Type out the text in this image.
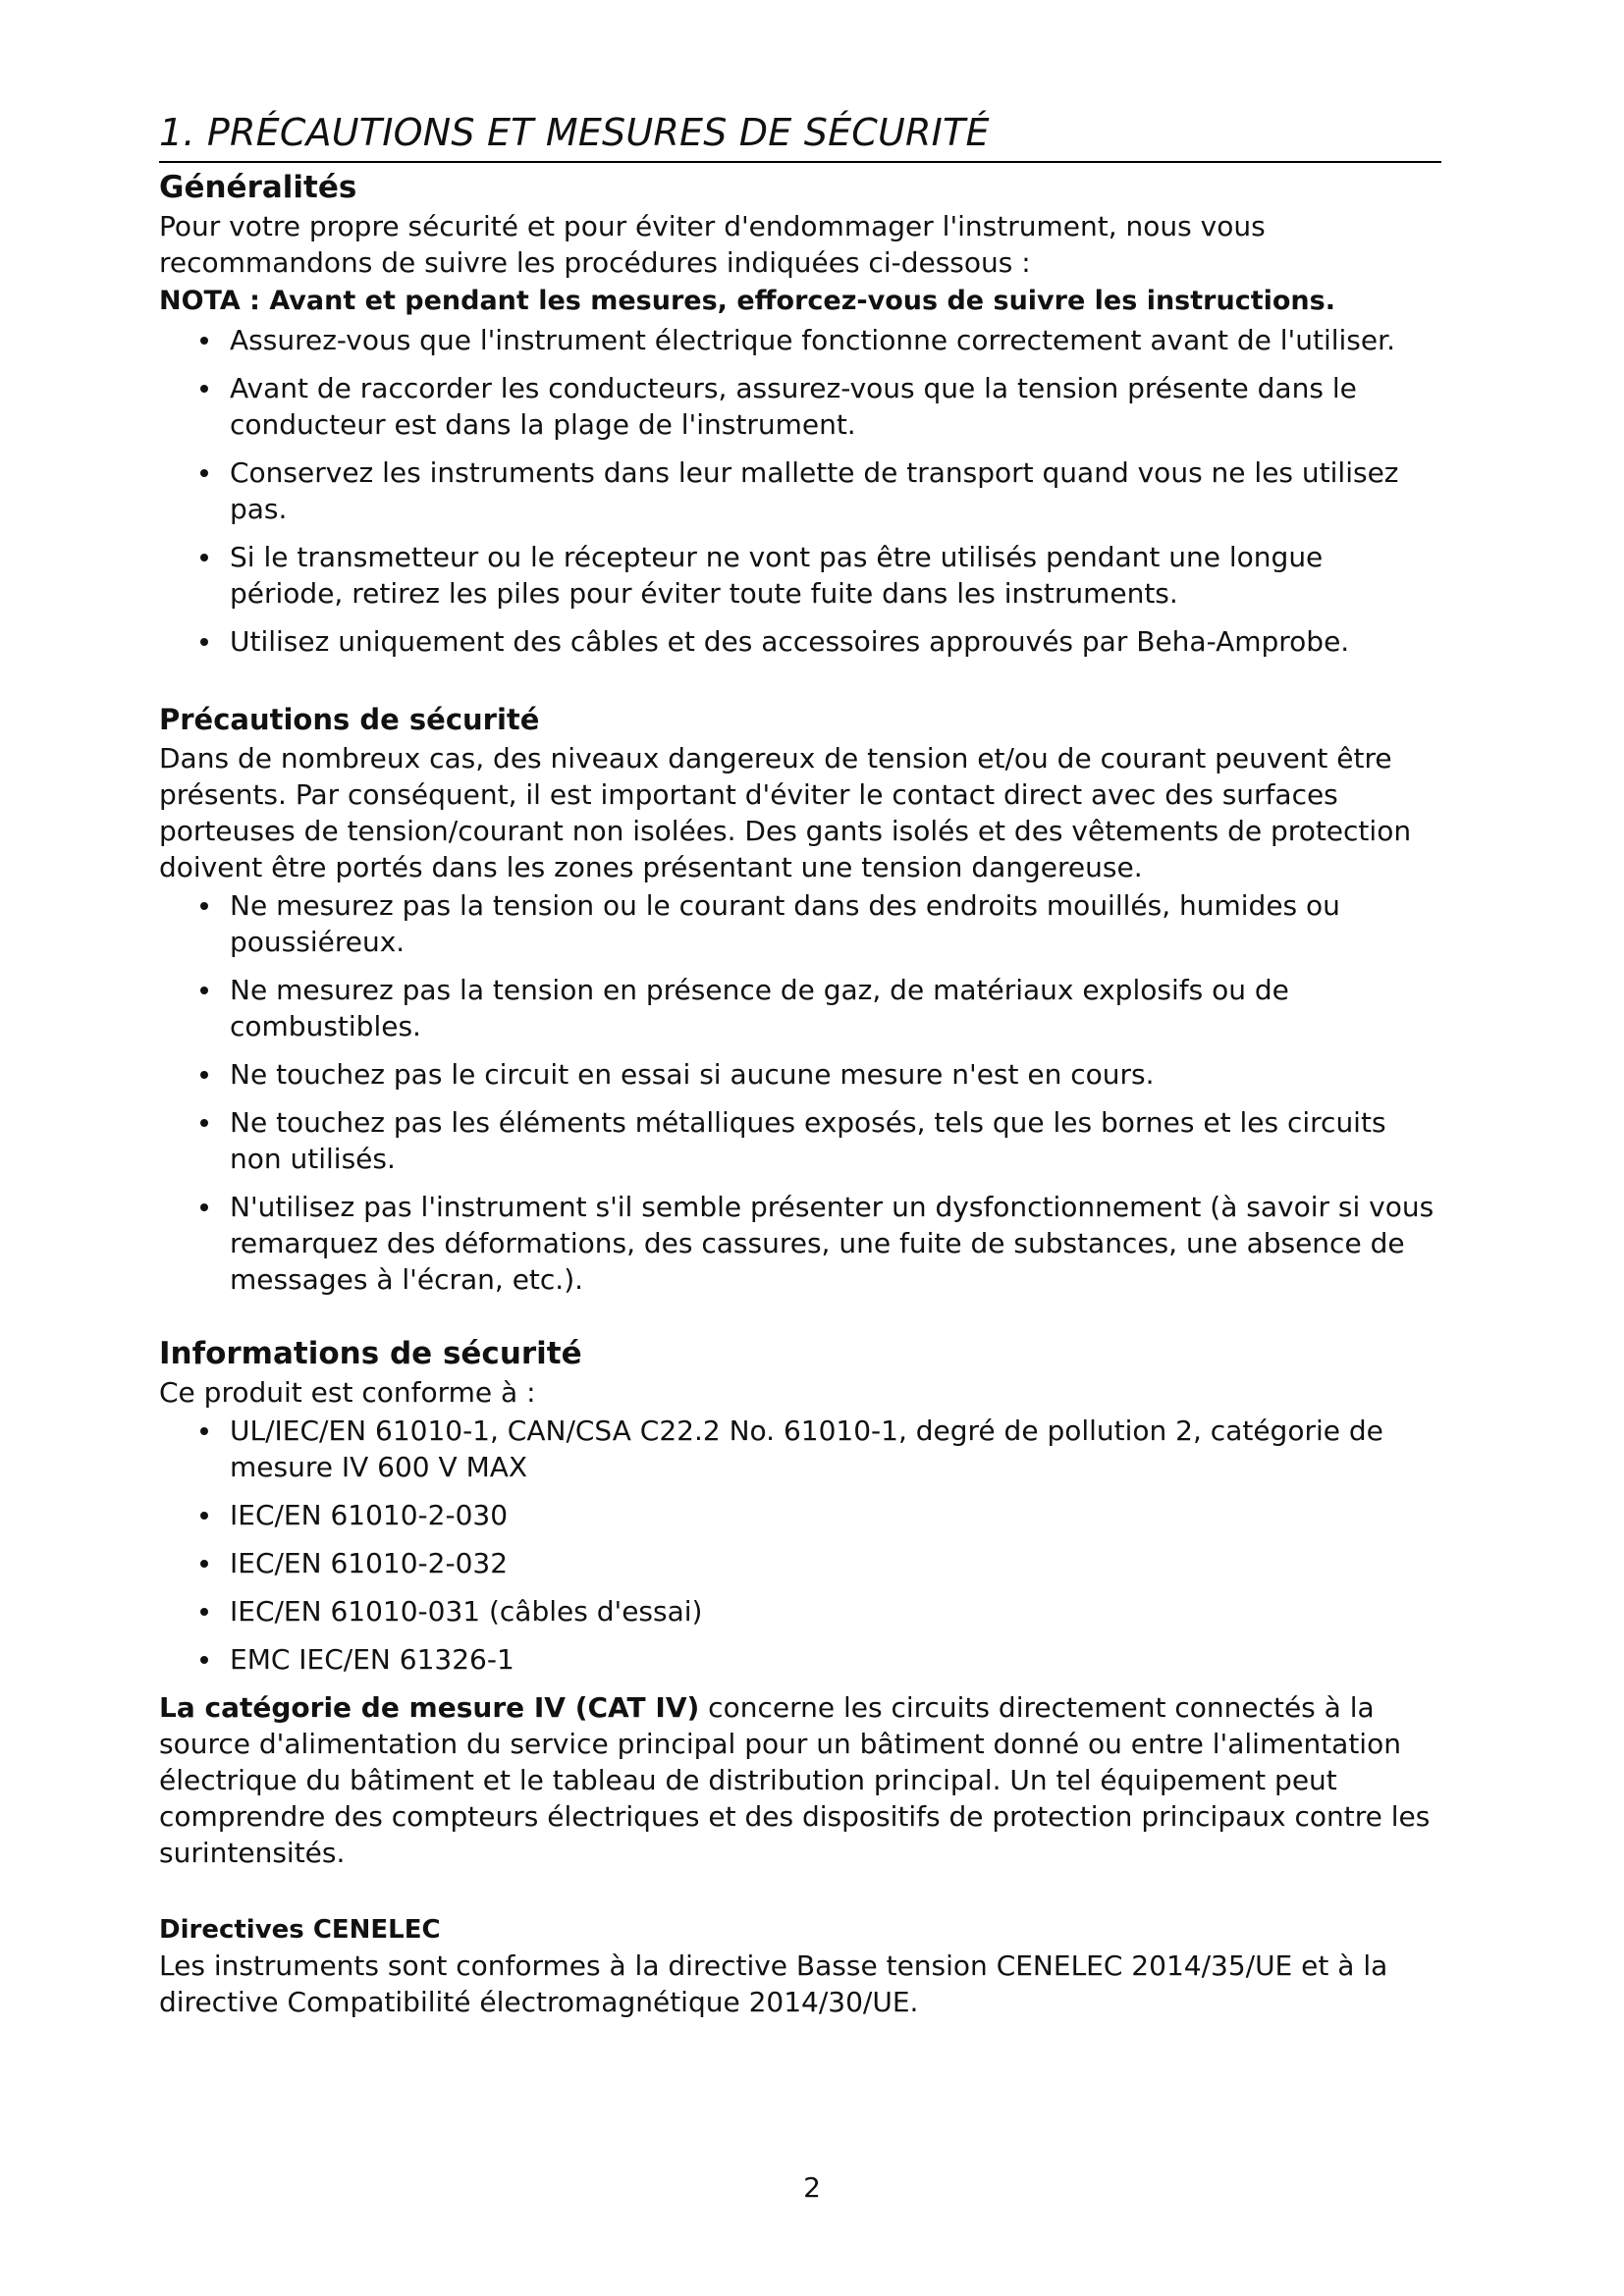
1. PRÉCAUTIONS ET MESURES DE SÉCURITÉ
Généralités

Pour votre propre sécurité et pour éviter d'endommager l'instrument, nous vous recommandons de suivre les procédures indiquées ci-dessous :

NOTA : Avant et pendant les mesures, efforcez-vous de suivre les instructions.

Assurez-vous que l'instrument électrique fonctionne correctement avant de l'utiliser.
Avant de raccorder les conducteurs, assurez-vous que la tension présente dans le conducteur est dans la plage de l'instrument.
Conservez les instruments dans leur mallette de transport quand vous ne les utilisez pas.
Si le transmetteur ou le récepteur ne vont pas être utilisés pendant une longue période, retirez les piles pour éviter toute fuite dans les instruments.
Utilisez uniquement des câbles et des accessoires approuvés par Beha-Amprobe.
Précautions de sécurité

Dans de nombreux cas, des niveaux dangereux de tension et/ou de courant peuvent être présents. Par conséquent, il est important d'éviter le contact direct avec des surfaces porteuses de tension/courant non isolées. Des gants isolés et des vêtements de protection doivent être portés dans les zones présentant une tension dangereuse.

Ne mesurez pas la tension ou le courant dans des endroits mouillés, humides ou poussiéreux.
Ne mesurez pas la tension en présence de gaz, de matériaux explosifs ou de combustibles.
Ne touchez pas le circuit en essai si aucune mesure n'est en cours.
Ne touchez pas les éléments métalliques exposés, tels que les bornes et les circuits non utilisés.
N'utilisez pas l'instrument s'il semble présenter un dysfonctionnement (à savoir si vous remarquez des déformations, des cassures, une fuite de substances, une absence de messages à l'écran, etc.).
Informations de sécurité

Ce produit est conforme à :

UL/IEC/EN 61010-1, CAN/CSA C22.2 No. 61010-1, degré de pollution 2, catégorie de mesure IV 600 V MAX
IEC/EN 61010-2-030
IEC/EN 61010-2-032
IEC/EN 61010-031 (câbles d'essai)
EMC IEC/EN 61326-1

La catégorie de mesure IV (CAT IV) concerne les circuits directement connectés à la source d'alimentation du service principal pour un bâtiment donné ou entre l'alimentation électrique du bâtiment et le tableau de distribution principal. Un tel équipement peut comprendre des compteurs électriques et des dispositifs de protection principaux contre les surintensités.

Directives CENELEC

Les instruments sont conformes à la directive Basse tension CENELEC 2014/35/UE et à la directive Compatibilité électromagnétique 2014/30/UE.

2
